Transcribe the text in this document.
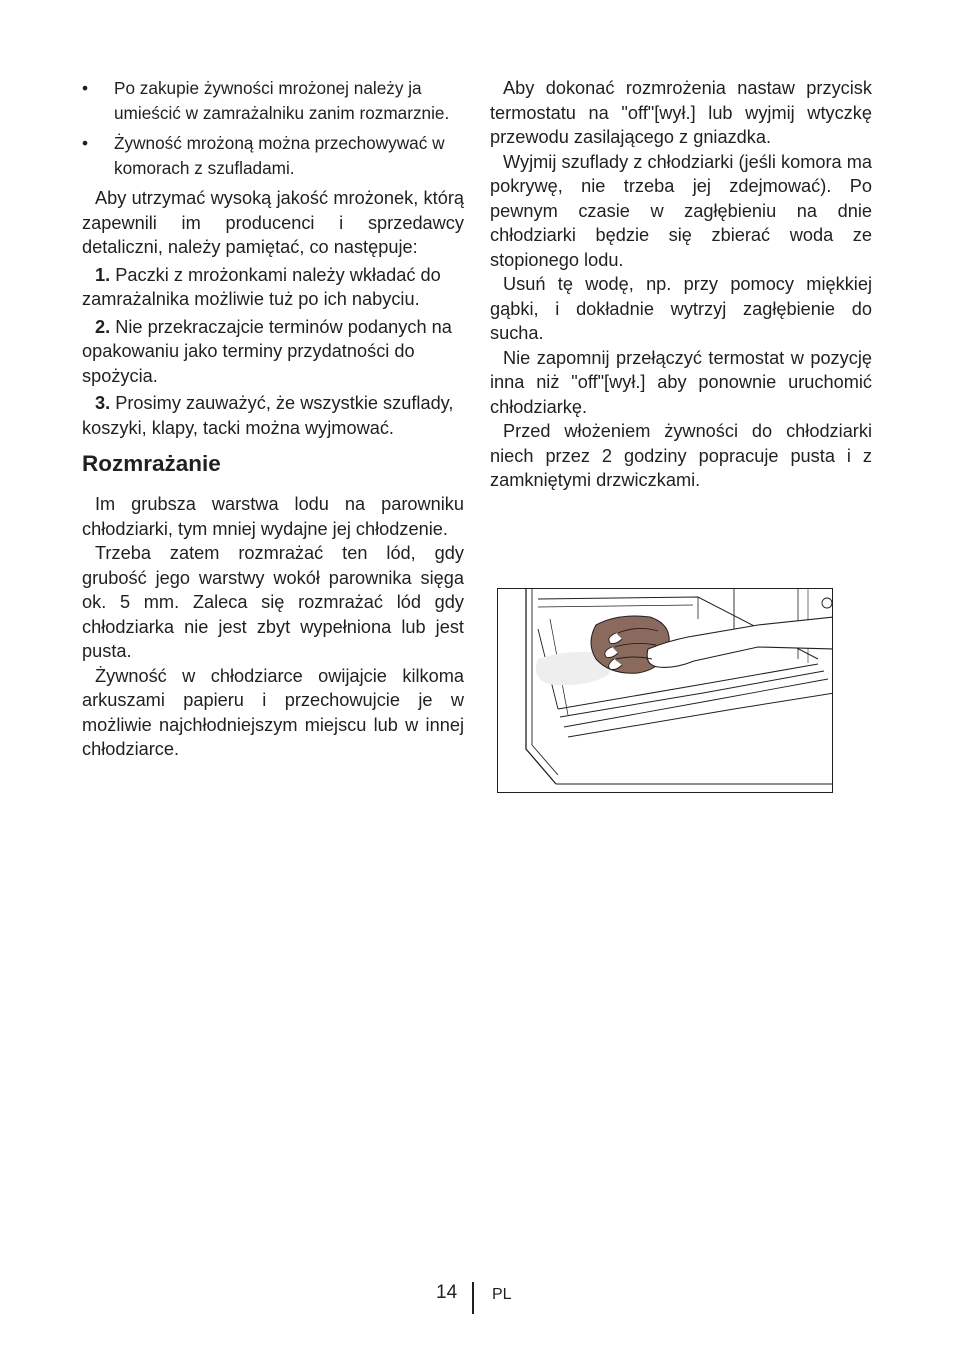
• Po zakupie żywności mrożonej należy ja umieścić w zamrażalniku zanim rozmarznie.
• Żywność mrożoną można przechowywać w komorach z szufladami.

Aby utrzymać wysoką jakość mrożonek, którą zapewnili im producenci i sprzedawcy detaliczni, należy pamiętać, co następuje:

1. Paczki z mrożonkami należy wkładać do zamrażalnika możliwie tuż po ich nabyciu.

2. Nie przekraczajcie terminów podanych na opakowaniu jako terminy przydatności do spożycia.

3. Prosimy zauważyć, że wszystkie szuflady, koszyki, klapy, tacki można wyjmować.

Rozmrażanie

Im grubsza warstwa lodu na parowniku chłodziarki, tym mniej wydajne jej chłodzenie.

Trzeba zatem rozmrażać ten lód, gdy grubość jego warstwy wokół parownika sięga ok. 5 mm. Zaleca się rozmrażać lód gdy chłodziarka nie jest zbyt wypełniona lub jest pusta.

Żywność w chłodziarce owijajcie kilkoma arkuszami papieru i przechowujcie je w możliwie najchłodniejszym miejscu lub w innej chłodziarce.

Aby dokonać rozmrożenia nastaw przycisk termostatu na "off"[wył.] lub wyjmij wtyczkę przewodu zasilającego z gniazdka.

Wyjmij szuflady z chłodziarki (jeśli komora ma pokrywę, nie trzeba jej zdejmować). Po pewnym czasie w zagłębieniu na dnie chłodziarki będzie się zbierać woda ze stopionego lodu.

Usuń tę wodę, np. przy pomocy miękkiej gąbki, i dokładnie wytrzyj zagłębienie do sucha.

Nie zapomnij przełączyć termostat w pozycję inna niż "off"[wył.] aby ponownie uruchomić chłodziarkę.

Przed włożeniem żywności do chłodziarki niech przez 2 godziny popracuje pusta i z zamkniętymi drzwiczkami.

14 PL
